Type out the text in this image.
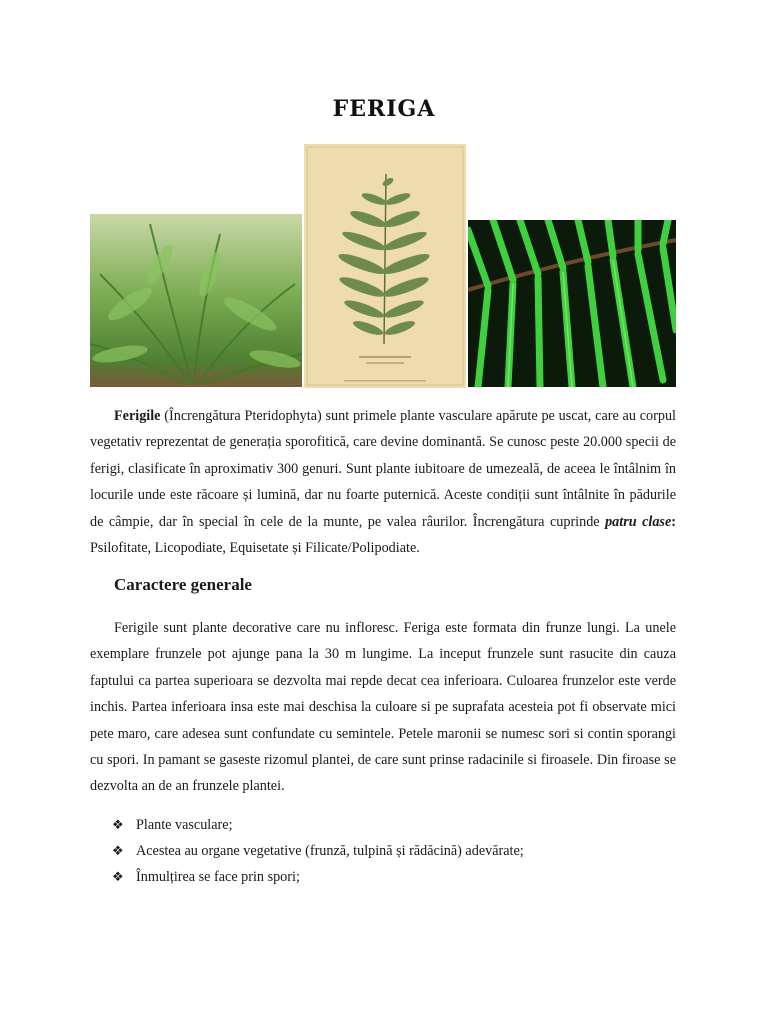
FERIGA

Ferigile (Încrengătura Pteridophyta) sunt primele plante vasculare apărute pe uscat, care au corpul vegetativ reprezentat de generația sporofitică, care devine dominantă. Se cunosc peste 20.000 specii de ferigi, clasificate în aproximativ 300 genuri. Sunt plante iubitoare de umezeală, de aceea le întâlnim în locurile unde este răcoare și lumină, dar nu foarte puternică. Aceste condiții sunt întâlnite în pădurile de câmpie, dar în special în cele de la munte, pe valea râurilor. Încrengătura cuprinde patru clase: Psilofitate, Licopodiate, Equisetate și Filicate/Polipodiate.

Caractere generale

Ferigile sunt plante decorative care nu infloresc. Feriga este formata din frunze lungi. La unele exemplare frunzele pot ajunge pana la 30 m lungime. La inceput frunzele sunt rasucite din cauza faptului ca partea superioara se dezvolta mai repde decat cea inferioara. Culoarea frunzelor este verde inchis. Partea inferioara insa este mai deschisa la culoare si pe suprafata acesteia pot fi observate mici pete maro, care adesea sunt confundate cu semintele. Petele maronii se numesc sori si contin sporangi cu spori. In pamant se gaseste rizomul plantei, de care sunt prinse radacinile si firoasele. Din firoase se dezvolta an de an frunzele plantei.

❖ Plante vasculare;
❖ Acestea au organe vegetative (frunză, tulpină și rădăcină) adevărate;
❖ Înmulțirea se face prin spori;
